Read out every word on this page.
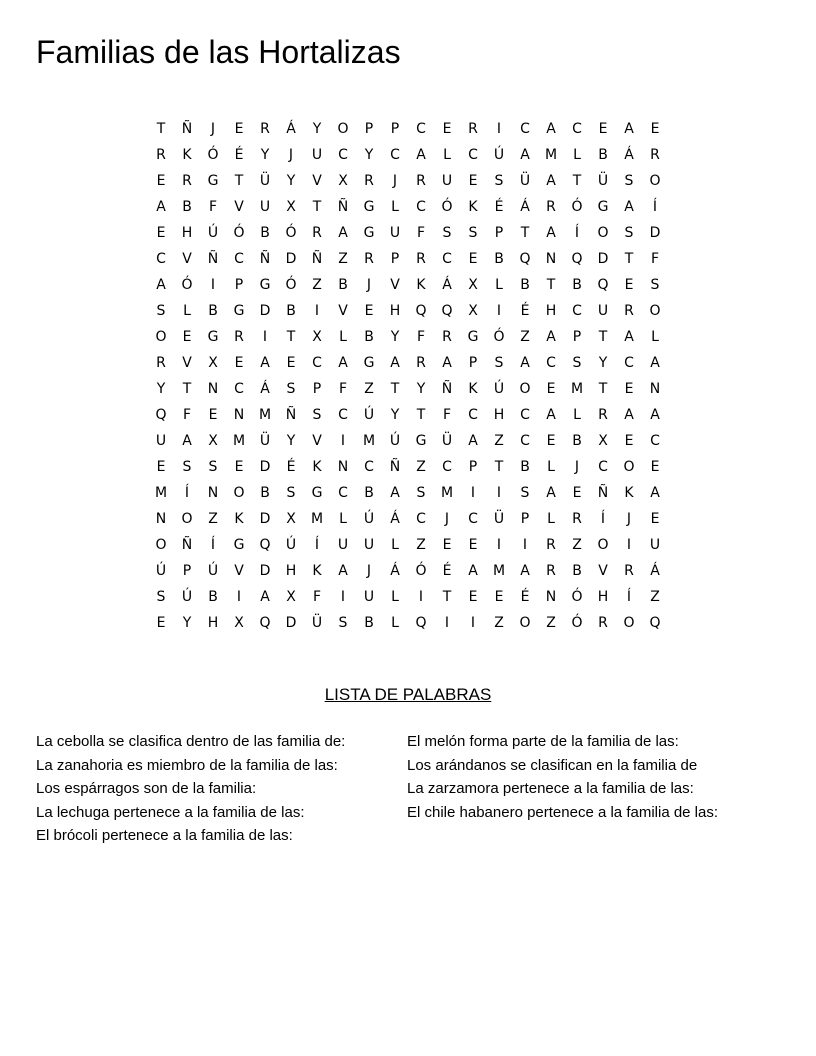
Familias de las Hortalizas
T	Ñ	J	E	R	Á	Y	O	P	P	C	E	R	I	C	A	C	E	A	E
R	K	Ó	É	Y	J	U	C	Y	C	A	L	C	Ú	A	M	L	B	Á	R
E	R	G	T	Ü	Y	V	X	R	J	R	U	E	S	Ü	A	T	Ü	S	O
A	B	F	V	U	X	T	Ñ	G	L	C	Ó	K	É	Á	R	Ó	G	A	Í
E	H	Ú	Ó	B	Ó	R	A	G	U	F	S	S	P	T	A	Í	O	S	D
C	V	Ñ	C	Ñ	D	Ñ	Z	R	P	R	C	E	B	Q	N	Q	D	T	F
A	Ó	I	P	G	Ó	Z	B	J	V	K	Á	X	L	B	T	B	Q	E	S
S	L	B	G	D	B	I	V	E	H	Q	Q	X	I	É	H	C	U	R	O
O	E	G	R	I	T	X	L	B	Y	F	R	G	Ó	Z	A	P	T	A	L
R	V	X	E	A	E	C	A	G	A	R	A	P	S	A	C	S	Y	C	A
Y	T	N	C	Á	S	P	F	Z	T	Y	Ñ	K	Ú	O	E	M	T	E	N
Q	F	E	N	M	Ñ	S	C	Ú	Y	T	F	C	H	C	A	L	R	A	A
U	A	X	M	Ü	Y	V	I	M	Ú	G	Ü	A	Z	C	E	B	X	E	C
E	S	S	E	D	É	K	N	C	Ñ	Z	C	P	T	B	L	J	C	O	E
M	Í	N	O	B	S	G	C	B	A	S	M	I	I	S	A	E	Ñ	K	A
N	O	Z	K	D	X	M	L	Ú	Á	C	J	C	Ü	P	L	R	Í	J	E
O	Ñ	Í	G	Q	Ú	Í	U	U	L	Z	E	E	I	I	R	Z	O	I	U
Ú	P	Ú	V	D	H	K	A	J	Á	Ó	É	A	M	A	R	B	V	R	Á
S	Ú	B	I	A	X	F	I	U	L	I	T	E	E	É	N	Ó	H	Í	Z
E	Y	H	X	Q	D	Ü	S	B	L	Q	I	I	Z	O	Z	Ó	R	O	Q
LISTA DE PALABRAS
La cebolla se clasifica dentro de las familia de:
La zanahoria es miembro de la familia de las:
Los espárragos son de la familia:
La lechuga pertenece a la familia de las:
El brócoli pertenece a la familia de las:
El melón forma parte de la familia de las:
Los arándanos se clasifican en la familia de
La zarzamora pertenece a la familia de las:
El chile habanero pertenece a la familia de las:
